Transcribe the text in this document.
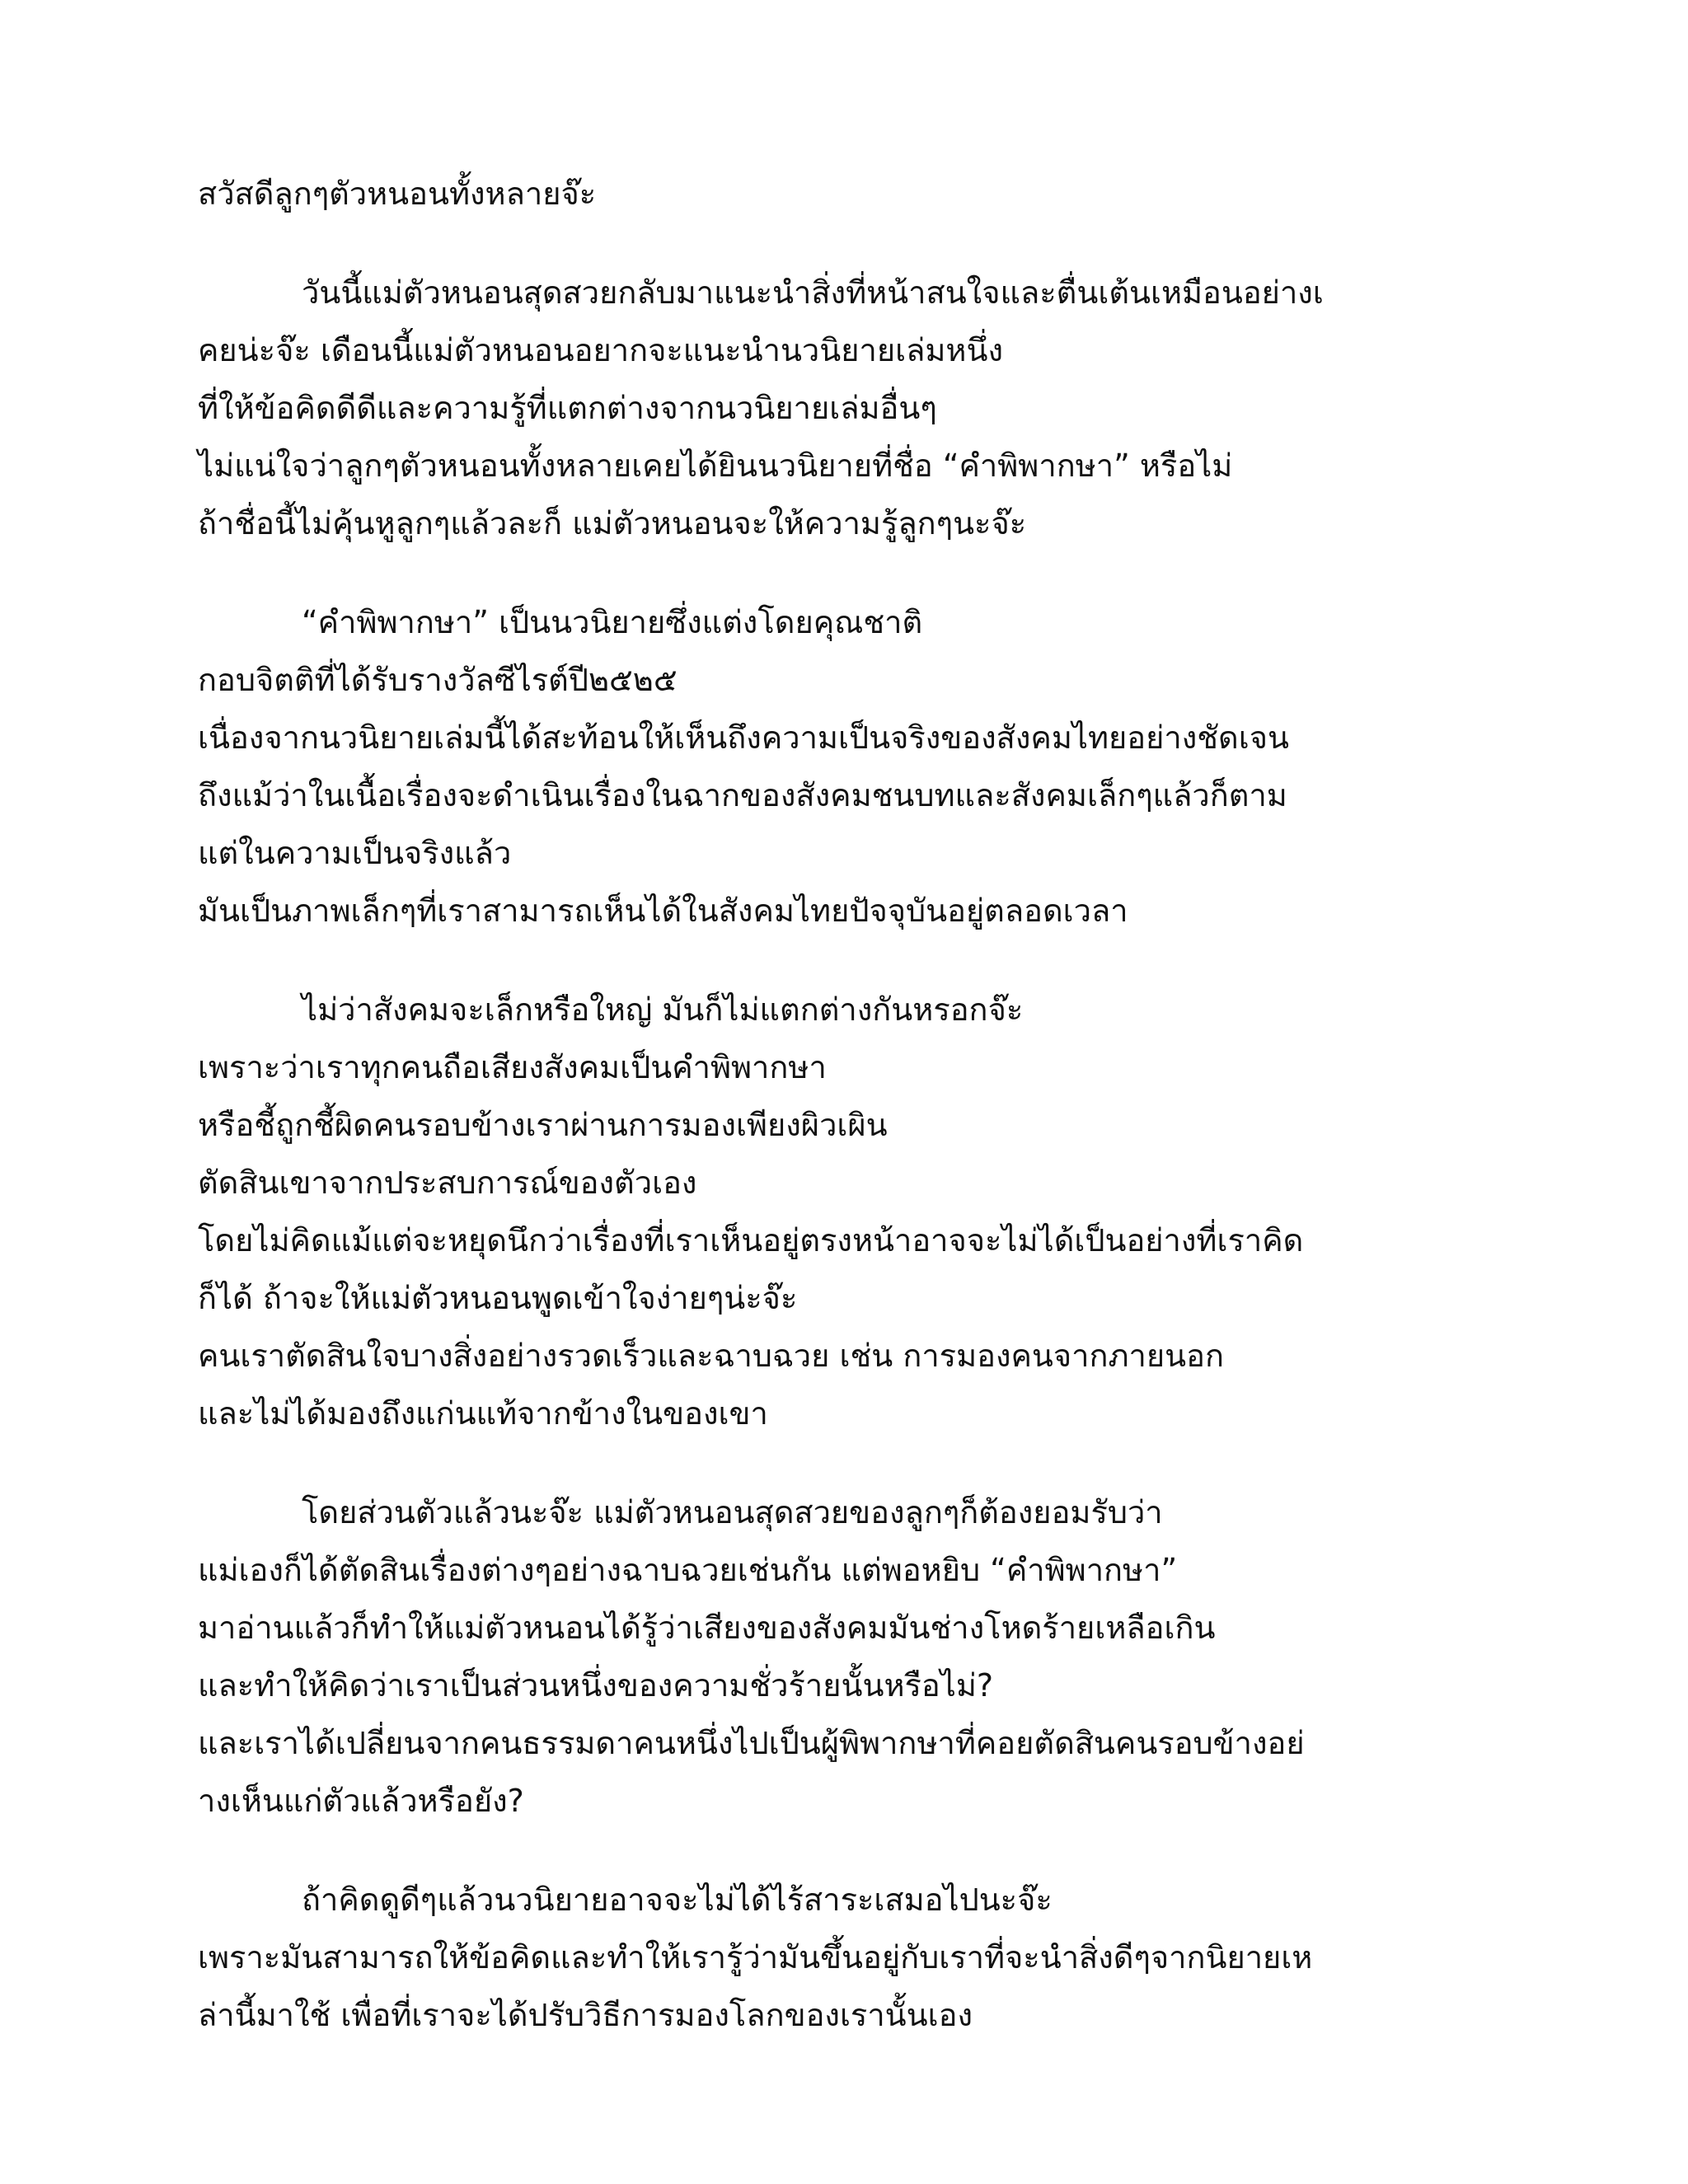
สวัสดีลูกๆตัวหนอนทั้งหลายจ๊ะ
วันนี้แม่ตัวหนอนสุดสวยกลับมาแนะนำสิ่งที่หน้าสนใจและตื่นเต้นเหมือนอย่างเ
คยน่ะจ๊ะ เดือนนี้แม่ตัวหนอนอยากจะแนะนำนวนิยายเล่มหนึ่ง
ที่ให้ข้อคิดดีดีและความรู้ที่แตกต่างจากนวนิยายเล่มอื่นๆ
ไม่แน่ใจว่าลูกๆตัวหนอนทั้งหลายเคยได้ยินนวนิยายที่ชื่อ “คำพิพากษา” หรือไม่
ถ้าชื่อนี้ไม่คุ้นหูลูกๆแล้วละก็ แม่ตัวหนอนจะให้ความรู้ลูกๆนะจ๊ะ
“คำพิพากษา” เป็นนวนิยายซึ่งแต่งโดยคุณชาติ
กอบจิตติที่ได้รับรางวัลซีไรต์ปี๒๕๒๕
เนื่องจากนวนิยายเล่มนี้ได้สะท้อนให้เห็นถึงความเป็นจริงของสังคมไทยอย่างชัดเจน
ถึงแม้ว่าในเนื้อเรื่องจะดำเนินเรื่องในฉากของสังคมชนบทและสังคมเล็กๆแล้วก็ตาม
แต่ในความเป็นจริงแล้ว
มันเป็นภาพเล็กๆที่เราสามารถเห็นได้ในสังคมไทยปัจจุบันอยู่ตลอดเวลา
ไม่ว่าสังคมจะเล็กหรือใหญ่ มันก็ไม่แตกต่างกันหรอกจ๊ะ
เพราะว่าเราทุกคนถือเสียงสังคมเป็นคำพิพากษา
หรือชี้ถูกชี้ผิดคนรอบข้างเราผ่านการมองเพียงผิวเผิน
ตัดสินเขาจากประสบการณ์ของตัวเอง
โดยไม่คิดแม้แต่จะหยุดนึกว่าเรื่องที่เราเห็นอยู่ตรงหน้าอาจจะไม่ได้เป็นอย่างที่เราคิด
ก็ได้ ถ้าจะให้แม่ตัวหนอนพูดเข้าใจง่ายๆน่ะจ๊ะ
คนเราตัดสินใจบางสิ่งอย่างรวดเร็วและฉาบฉวย เช่น การมองคนจากภายนอก
และไม่ได้มองถึงแก่นแท้จากข้างในของเขา
โดยส่วนตัวแล้วนะจ๊ะ แม่ตัวหนอนสุดสวยของลูกๆก็ต้องยอมรับว่า
แม่เองก็ได้ตัดสินเรื่องต่างๆอย่างฉาบฉวยเช่นกัน แต่พอหยิบ “คำพิพากษา”
มาอ่านแล้วก็ทำให้แม่ตัวหนอนได้รู้ว่าเสียงของสังคมมันช่างโหดร้ายเหลือเกิน
และทำให้คิดว่าเราเป็นส่วนหนึ่งของความชั่วร้ายนั้นหรือไม่?
และเราได้เปลี่ยนจากคนธรรมดาคนหนึ่งไปเป็นผู้พิพากษาที่คอยตัดสินคนรอบข้างอย่
างเห็นแก่ตัวแล้วหรือยัง?
ถ้าคิดดูดีๆแล้วนวนิยายอาจจะไม่ได้ไร้สาระเสมอไปนะจ๊ะ
เพราะมันสามารถให้ข้อคิดและทำให้เรารู้ว่ามันขึ้นอยู่กับเราที่จะนำสิ่งดีๆจากนิยายเห
ล่านี้มาใช้ เพื่อที่เราจะได้ปรับวิธีการมองโลกของเรานั้นเอง
